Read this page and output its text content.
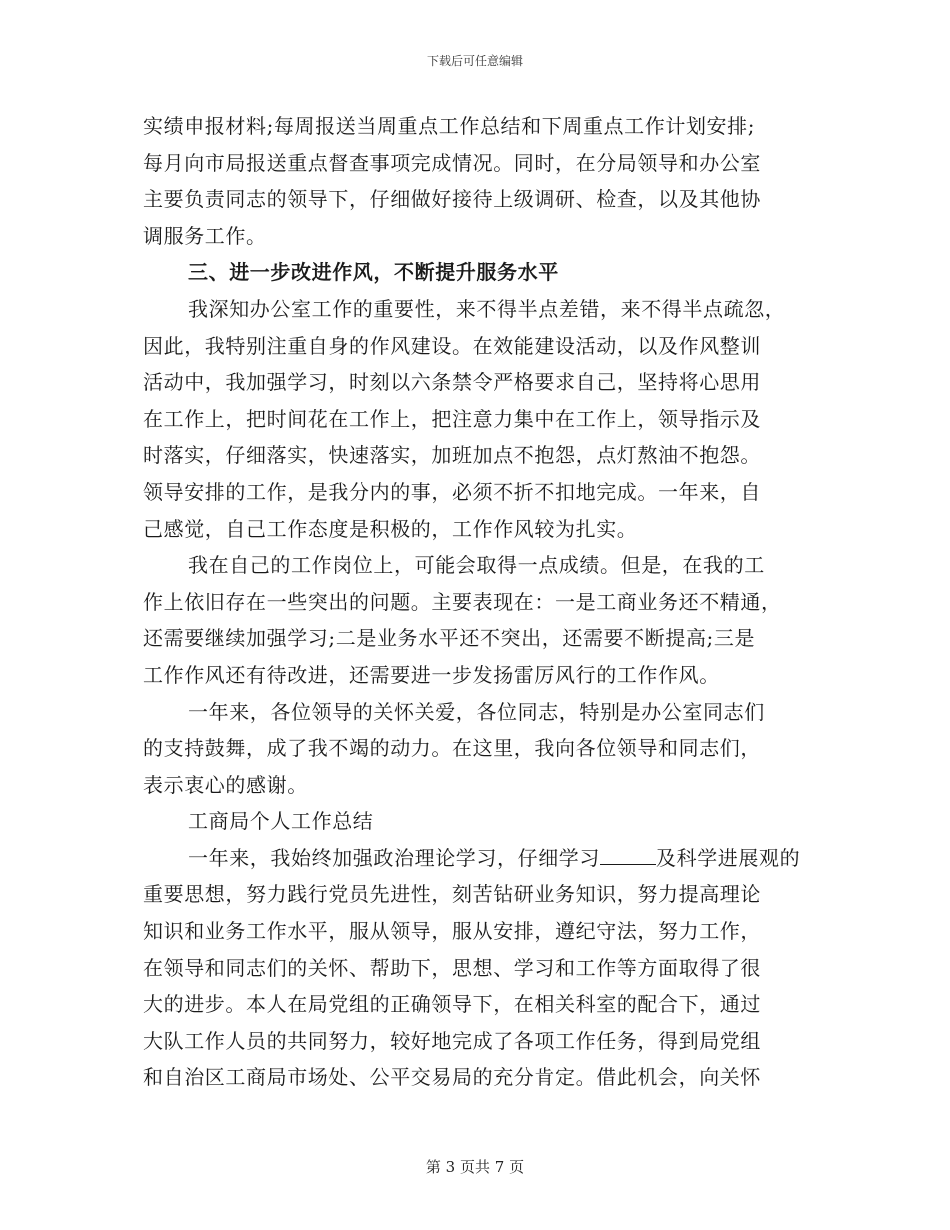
下载后可任意编辑
实绩申报材料;每周报送当周重点工作总结和下周重点工作计划安排;
每月向市局报送重点督查事项完成情况。同时，在分局领导和办公室
主要负责同志的领导下，仔细做好接待上级调研、检查，以及其他协
调服务工作。
三、进一步改进作风，不断提升服务水平
我深知办公室工作的重要性，来不得半点差错，来不得半点疏忽，
因此，我特别注重自身的作风建设。在效能建设活动，以及作风整训
活动中，我加强学习，时刻以六条禁令严格要求自己，坚持将心思用
在工作上，把时间花在工作上，把注意力集中在工作上，领导指示及
时落实，仔细落实，快速落实，加班加点不抱怨，点灯熬油不抱怨。
领导安排的工作，是我分内的事，必须不折不扣地完成。一年来，自
己感觉，自己工作态度是积极的，工作作风较为扎实。
我在自己的工作岗位上，可能会取得一点成绩。但是，在我的工
作上依旧存在一些突出的问题。主要表现在：一是工商业务还不精通，
还需要继续加强学习;二是业务水平还不突出，还需要不断提高;三是
工作作风还有待改进，还需要进一步发扬雷厉风行的工作作风。
一年来，各位领导的关怀关爱，各位同志，特别是办公室同志们
的支持鼓舞，成了我不竭的动力。在这里，我向各位领导和同志们，
表示衷心的感谢。
工商局个人工作总结
一年来，我始终加强政治理论学习，仔细学习	及科学进展观的
重要思想，努力践行党员先进性，刻苦钻研业务知识，努力提高理论
知识和业务工作水平，服从领导，服从安排，遵纪守法，努力工作，
在领导和同志们的关怀、帮助下，思想、学习和工作等方面取得了很
大的进步。本人在局党组的正确领导下，在相关科室的配合下，通过
大队工作人员的共同努力，较好地完成了各项工作任务，得到局党组
和自治区工商局市场处、公平交易局的充分肯定。借此机会，向关怀
第 3 页共 7 页
